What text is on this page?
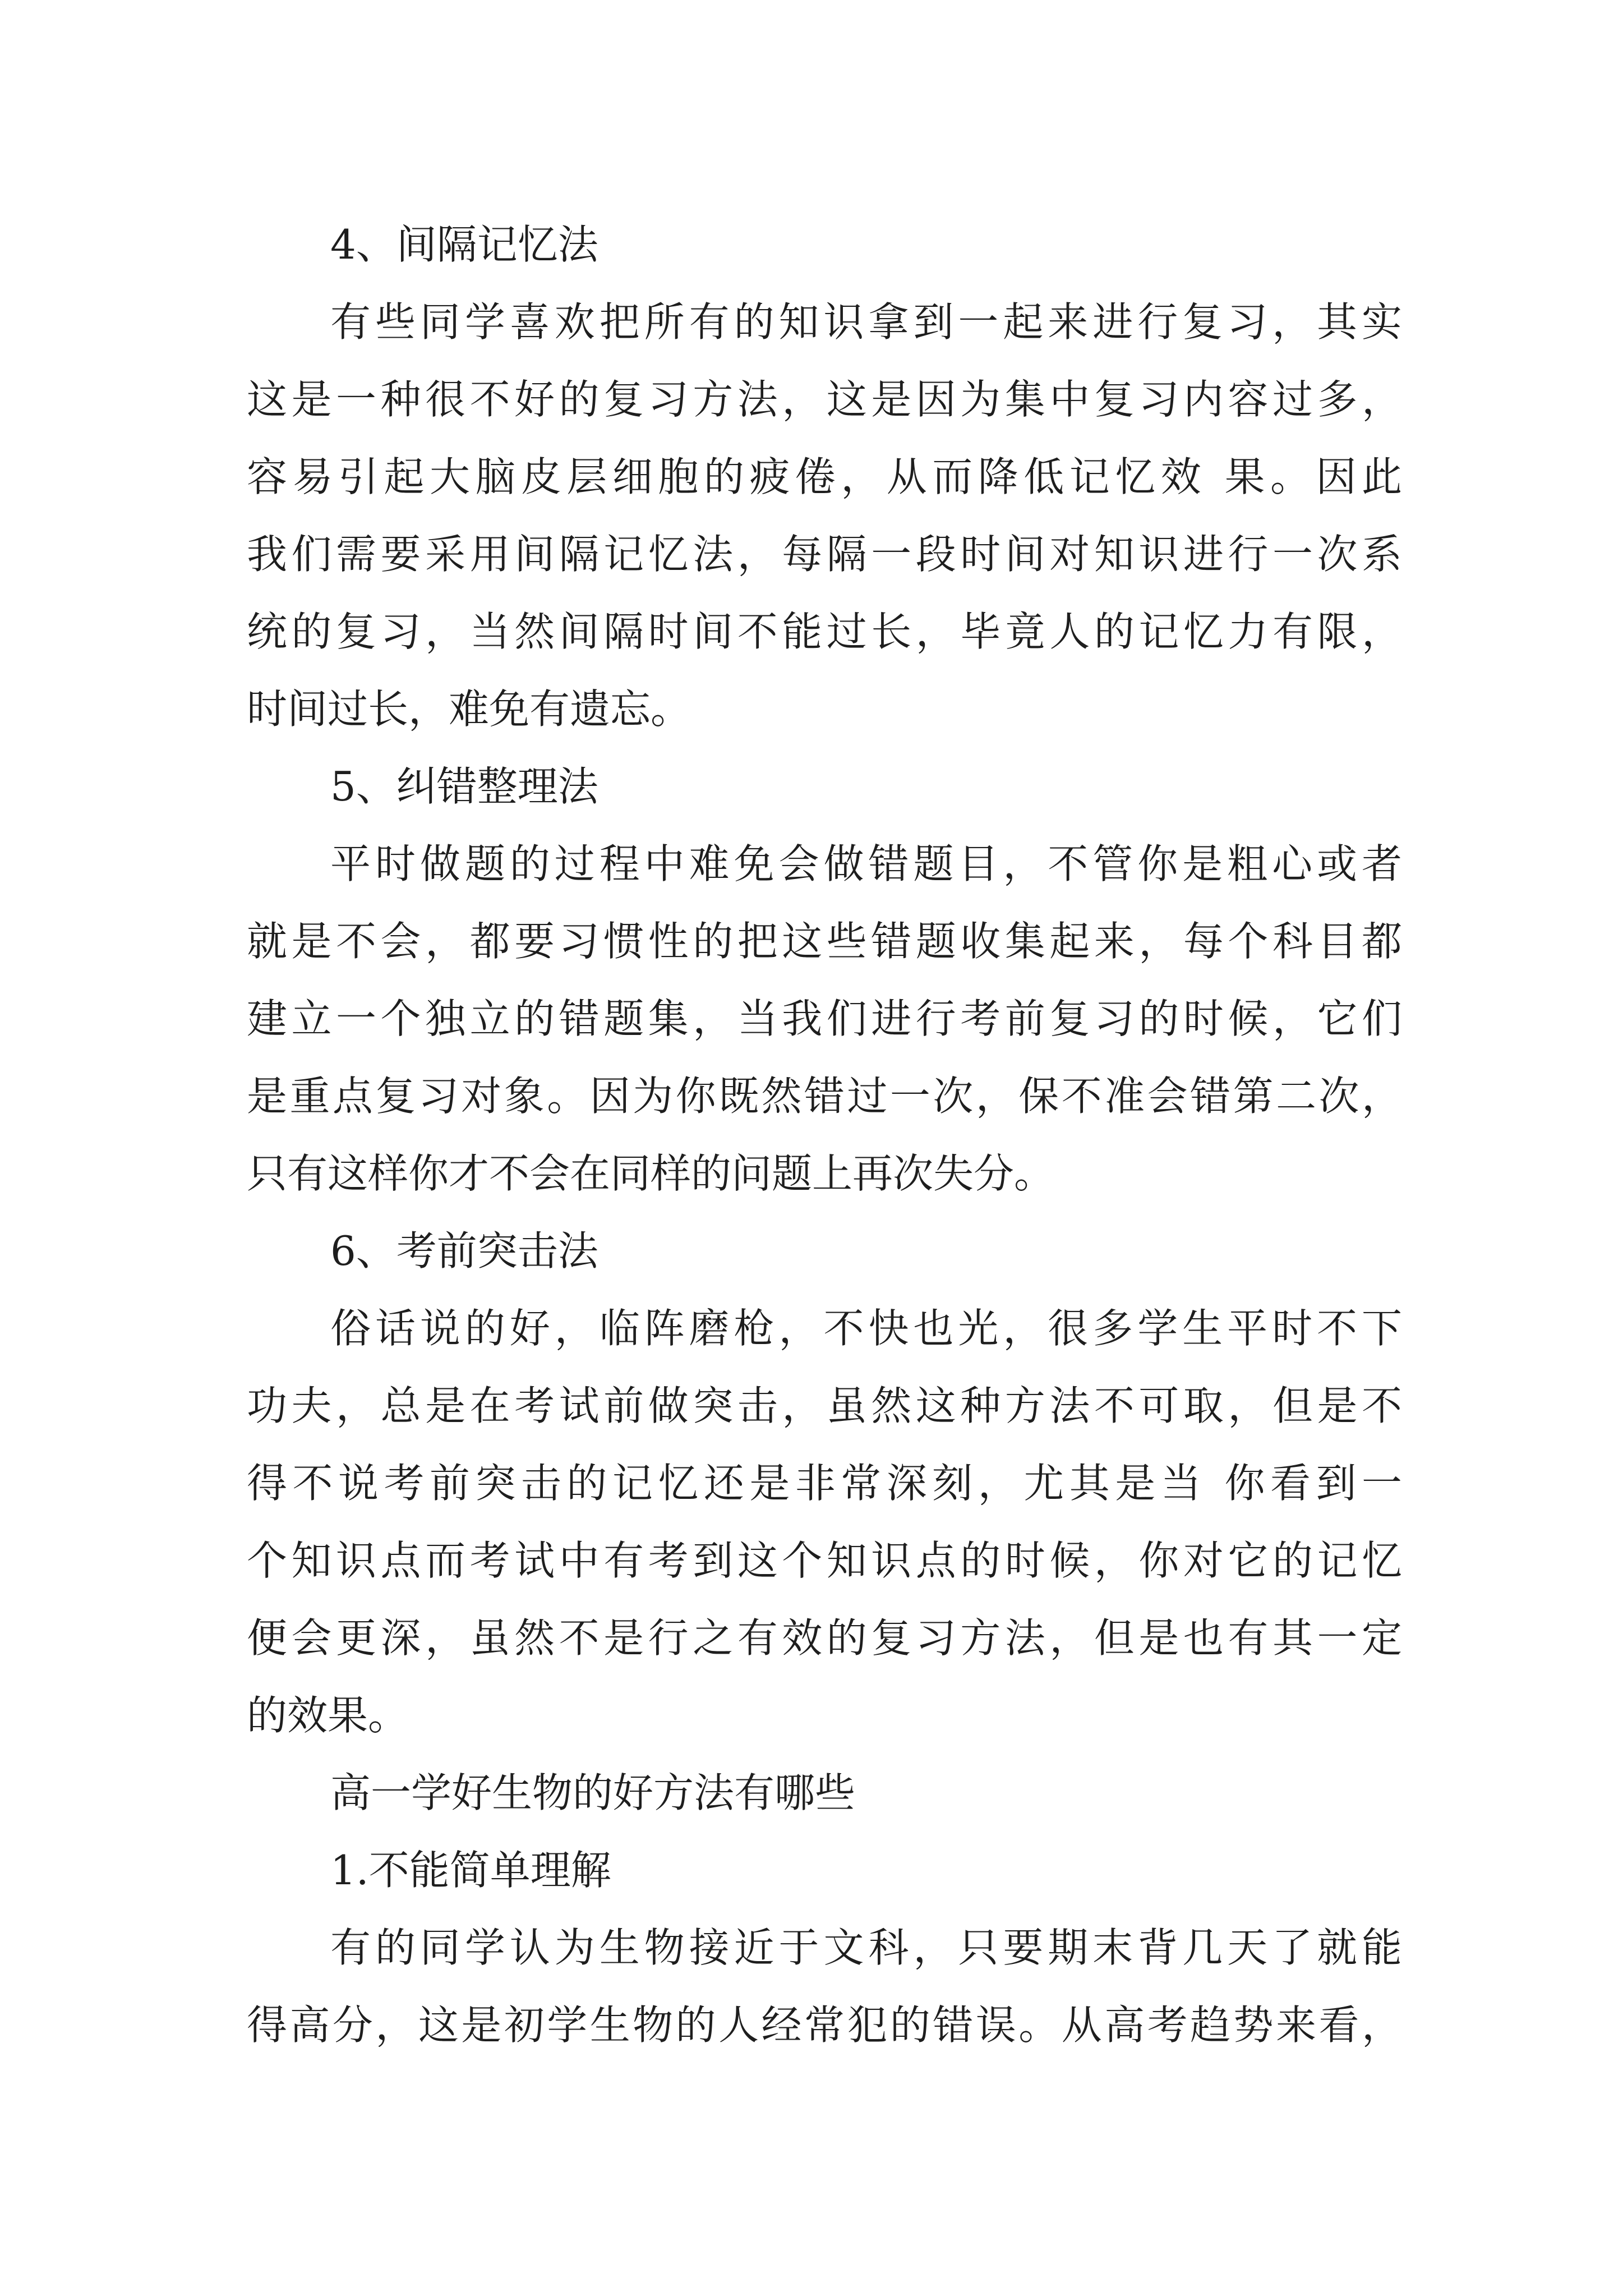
4、间隔记忆法
有些同学喜欢把所有的知识拿到一起来进行复习，其实
这是一种很不好的复习方法，这是因为集中复习内容过多，
容易引起大脑皮层细胞的疲倦，从而降低记忆效 果。因此
我们需要采用间隔记忆法，每隔一段时间对知识进行一次系
统的复习，当然间隔时间不能过长，毕竟人的记忆力有限，
时间过长，难免有遗忘。
5、纠错整理法
平时做题的过程中难免会做错题目，不管你是粗心或者
就是不会，都要习惯性的把这些错题收集起来，每个科目都
建立一个独立的错题集，当我们进行考前复习的时候，它们
是重点复习对象。因为你既然错过一次，保不准会错第二次，
只有这样你才不会在同样的问题上再次失分。
6、考前突击法
俗话说的好，临阵磨枪，不快也光，很多学生平时不下
功夫，总是在考试前做突击，虽然这种方法不可取，但是不
得不说考前突击的记忆还是非常深刻，尤其是当 你看到一
个知识点而考试中有考到这个知识点的时候，你对它的记忆
便会更深，虽然不是行之有效的复习方法，但是也有其一定
的效果。
高一学好生物的好方法有哪些
1.不能简单理解
有的同学认为生物接近于文科，只要期末背几天了就能
得高分，这是初学生物的人经常犯的错误。从高考趋势来看，
